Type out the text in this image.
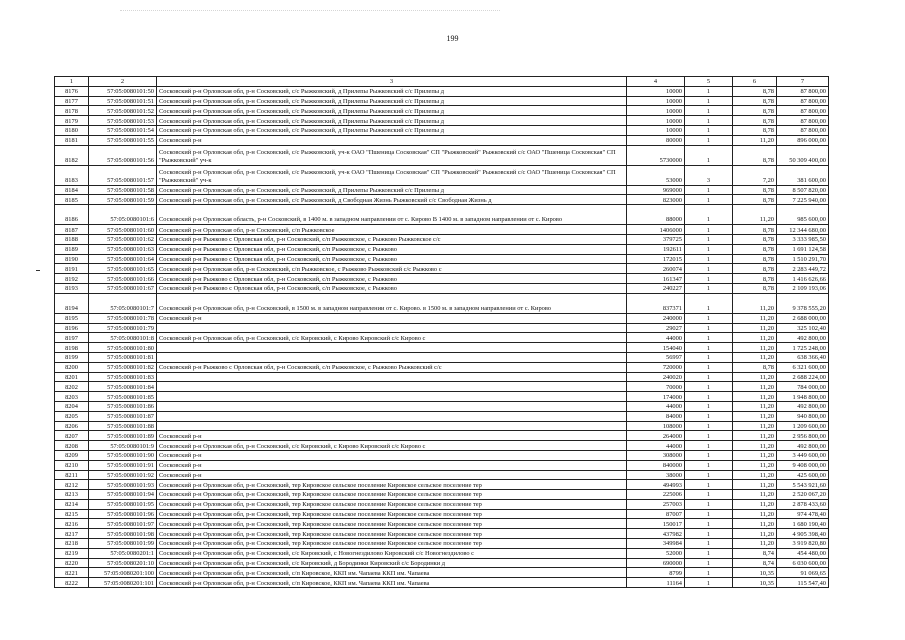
199
1	2	3	4	5	6	7
8176	57:05:0080101:50	Сосковский р-н Орловская обл, р-н Сосковский, с/с Рыжковский, д Прилепы Рыжковский с/с Прилепы д	10000	1	8,78	87 800,00
8177	57:05:0080101:51	Сосковский р-н Орловская обл, р-н Сосковский, с/с Рыжковский, д Прилепы Рыжковский с/с Прилепы д	10000	1	8,78	87 800,00
8178	57:05:0080101:52	Сосковский р-н Орловская обл, р-н Сосковский, с/с Рыжковский, д Прилепы Рыжковский с/с Прилепы д	10000	1	8,78	87 800,00
8179	57:05:0080101:53	Сосковский р-н Орловская обл, р-н Сосковский, с/с Рыжковский, д Прилепы Рыжковский с/с Прилепы д	10000	1	8,78	87 800,00
8180	57:05:0080101:54	Сосковский р-н Орловская обл, р-н Сосковский, с/с Рыжковский, д Прилепы Рыжковский с/с Прилепы д	10000	1	8,78	87 800,00
8181	57:05:0080101:55	Сосковский р-н	80000	1	11,20	896 000,00
8182	57:05:0080101:56	Сосковский р-н Орловская обл, р-н Сосковский, с/с Рыжковский, уч-к ОАО "Пшеница Сосковская" СП "Рыжковский" Рыжковский с/с ОАО "Пшеница Сосковская" СП "Рыжковский" уч-к	5730000	1	8,78	50 309 400,00
8183	57:05:0080101:57	Сосковский р-н Орловская обл, р-н Сосковский, с/с Рыжковский, уч-к ОАО "Пшеница Сосковская" СП "Рыжковский" Рыжковский с/с ОАО "Пшеница Сосковская" СП "Рыжковский" уч-к	53000	3	7,20	381 600,00
8184	57:05:0080101:58	Сосковский р-н Орловская обл, р-н Сосковский, с/с Рыжковский, д Прилепы Рыжковский с/с Прилепы д	969000	1	8,78	8 507 820,00
8185	57:05:0080101:59	Сосковский р-н Орловская обл, р-н Сосковский, с/с Рыжковский, д Свободная Жизнь Рыжковский с/с Свободная Жизнь д	823000	1	8,78	7 225 940,00
8186	57:05:0080101:6	Сосковский р-н Орловская область, р-н Сосковский, в 1400 м. в западном направлении от с. Кирово В 1400 м. в западном направлении от с. Кирово	88000	1	11,20	985 600,00
8187	57:05:0080101:60	Сосковский р-н Орловская обл, р-н Сосковский, с/п Рыжковское	1406000	1	8,78	12 344 680,00
8188	57:05:0080101:62	Сосковский р-н Рыжково с Орловская обл, р-н Сосковский, с/п Рыжковское, с Рыжково Рыжковское с/с	379725	1	8,78	3 333 985,50
8189	57:05:0080101:63	Сосковский р-н Рыжково с Орловская обл, р-н Сосковский, с/п Рыжковское, с Рыжково	192611	1	8,78	1 691 124,58
8190	57:05:0080101:64	Сосковский р-н Рыжково с Орловская обл, р-н Сосковский, с/п Рыжковское, с Рыжково	172015	1	8,78	1 510 291,70
8191	57:05:0080101:65	Сосковский р-н Орловская обл, р-н Сосковский, с/п Рыжковское, с Рыжково Рыжковский с/с Рыжково с	260074	1	8,78	2 283 449,72
8192	57:05:0080101:66	Сосковский р-н Рыжково с Орловская обл, р-н Сосковский, с/п Рыжковское, с Рыжково	161347	1	8,78	1 416 626,66
8193	57:05:0080101:67	Сосковский р-н Рыжково с Орловская обл, р-н Сосковский, с/п Рыжковское, с Рыжково	240227	1	8,78	2 109 193,06
8194	57:05:0080101:7	Сосковский р-н Орловская обл, р-н Сосковский, в 1500 м. в западном направлении от с. Кирово. в 1500 м. в западном направлении от с. Кирово	837371	1	11,20	9 378 555,20
8195	57:05:0080101:78	Сосковский р-н	240000	1	11,20	2 688 000,00
8196	57:05:0080101:79		29027	1	11,20	325 102,40
8197	57:05:0080101:8	Сосковский р-н Орловская обл, р-н Сосковский, с/с Кировский, с Кирово Кировский с/с Кирово с	44000	1	11,20	492 800,00
8198	57:05:0080101:80		154040	1	11,20	1 725 248,00
8199	57:05:0080101:81		56997	1	11,20	638 366,40
8200	57:05:0080101:82	Сосковский р-н Рыжково с Орловская обл, р-н Сосковский, с/п Рыжковское, с Рыжково Рыжковский с/с	720000	1	8,78	6 321 600,00
8201	57:05:0080101:83		240020	1	11,20	2 688 224,00
8202	57:05:0080101:84		70000	1	11,20	784 000,00
8203	57:05:0080101:85		174000	1	11,20	1 948 800,00
8204	57:05:0080101:86		44000	1	11,20	492 800,00
8205	57:05:0080101:87		84000	1	11,20	940 800,00
8206	57:05:0080101:88		108000	1	11,20	1 209 600,00
8207	57:05:0080101:89	Сосковский р-н	264000	1	11,20	2 956 800,00
8208	57:05:0080101:9	Сосковский р-н Орловская обл, р-н Сосковский, с/с Кировский, с Кирово Кировский с/с Кирово с	44000	1	11,20	492 800,00
8209	57:05:0080101:90	Сосковский р-н	308000	1	11,20	3 449 600,00
8210	57:05:0080101:91	Сосковский р-н	840000	1	11,20	9 408 000,00
8211	57:05:0080101:92	Сосковский р-н	38000	1	11,20	425 600,00
8212	57:05:0080101:93	Сосковский р-н Орловская обл, р-н Сосковский, тер Кировское сельское поселение Кировское сельское поселение тер	494993	1	11,20	5 543 921,60
8213	57:05:0080101:94	Сосковский р-н Орловская обл, р-н Сосковский, тер Кировское сельское поселение Кировское сельское поселение тер	225006	1	11,20	2 520 067,20
8214	57:05:0080101:95	Сосковский р-н Орловская обл, р-н Сосковский, тер Кировское сельское поселение Кировское сельское поселение тер	257003	1	11,20	2 878 433,60
8215	57:05:0080101:96	Сосковский р-н Орловская обл, р-н Сосковский, тер Кировское сельское поселение Кировское сельское поселение тер	87007	1	11,20	974 478,40
8216	57:05:0080101:97	Сосковский р-н Орловская обл, р-н Сосковский, тер Кировское сельское поселение Кировское сельское поселение тер	150017	1	11,20	1 680 190,40
8217	57:05:0080101:98	Сосковский р-н Орловская обл, р-н Сосковский, тер Кировское сельское поселение Кировское сельское поселение тер	437982	1	11,20	4 905 398,40
8218	57:05:0080101:99	Сосковский р-н Орловская обл, р-н Сосковский, тер Кировское сельское поселение Кировское сельское поселение тер	349984	1	11,20	3 919 820,80
8219	57:05:0080201:1	Сосковский р-н Орловская обл, р-н Сосковский, с/с Кировский, с Новогнездилово Кировский с/с Новогнездилово с	52000	1	8,74	454 480,00
8220	57:05:0080201:10	Сосковский р-н Орловская обл, р-н Сосковский, с/с Кировский, д Бородинки Кировский с/с Бородинки д	690000	1	8,74	6 030 600,00
8221	57:05:0080201:100	Сосковский р-н Орловская обл, р-н Сосковский, с/п Кировское, ККП им. Чапаева ККП им. Чапаева	8799	1	10,35	91 069,65
8222	57:05:0080201:101	Сосковский р-н Орловская обл, р-н Сосковский, с/п Кировское, ККП им. Чапаева ККП им. Чапаева	11164	1	10,35	115 547,40
